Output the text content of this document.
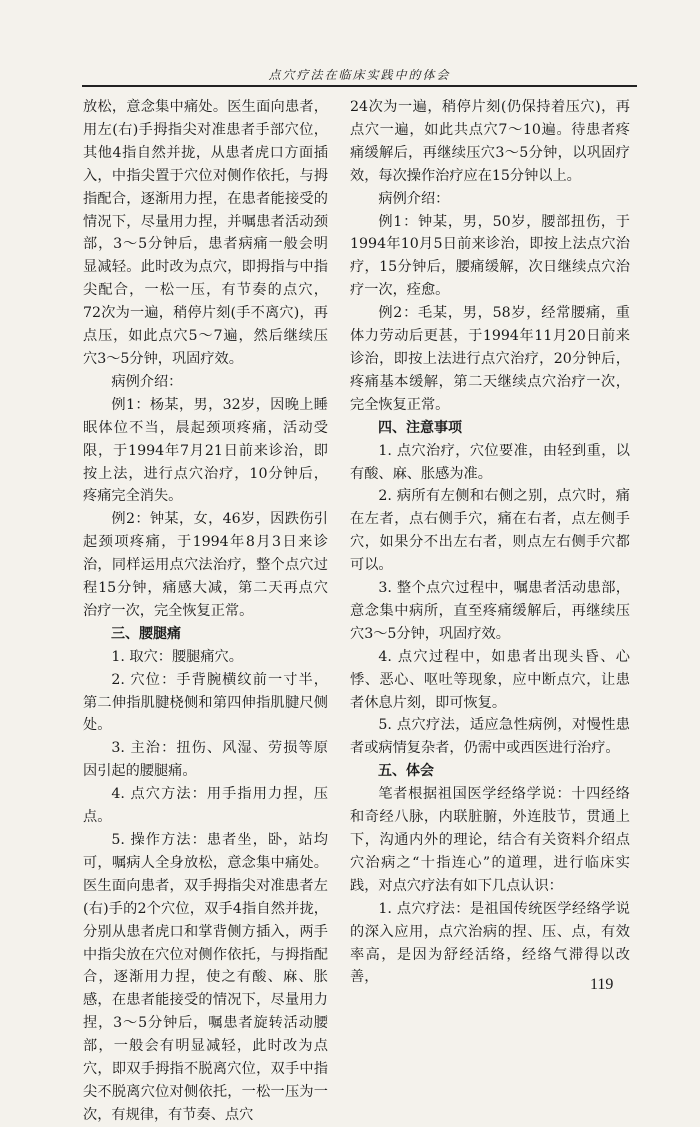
点穴疗法在临床实践中的体会

放松，意念集中痛处。医生面向患者，用左(右)手拇指尖对准患者手部穴位，其他4指自然并拢，从患者虎口方面插入，中指尖置于穴位对侧作依托，与拇指配合，逐渐用力捏，在患者能接受的情况下，尽量用力捏，并嘱患者活动颈部，3～5分钟后，患者病痛一般会明显减轻。此时改为点穴，即拇指与中指尖配合，一松一压，有节奏的点穴，72次为一遍，稍停片刻(手不离穴)，再点压，如此点穴5～7遍，然后继续压穴3～5分钟，巩固疗效。

病例介绍：

例1：杨某，男，32岁，因晚上睡眠体位不当，晨起颈项疼痛，活动受限，于1994年7月21日前来诊治，即按上法，进行点穴治疗，10分钟后，疼痛完全消失。

例2：钟某，女，46岁，因跌伤引起颈项疼痛，于1994年8月3日来诊治，同样运用点穴法治疗，整个点穴过程15分钟，痛感大减，第二天再点穴治疗一次，完全恢复正常。

三、腰腿痛

1. 取穴：腰腿痛穴。

2. 穴位：手背腕横纹前一寸半，第二伸指肌腱桡侧和第四伸指肌腱尺侧处。

3. 主治：扭伤、风湿、劳损等原因引起的腰腿痛。

4. 点穴方法：用手指用力捏，压点。

5. 操作方法：患者坐，卧，站均可，嘱病人全身放松，意念集中痛处。医生面向患者，双手拇指尖对准患者左(右)手的2个穴位，双手4指自然并拢，分别从患者虎口和掌背侧方插入，两手中指尖放在穴位对侧作依托，与拇指配合，逐渐用力捏，使之有酸、麻、胀感，在患者能接受的情况下，尽量用力捏，3～5分钟后，嘱患者旋转活动腰部，一般会有明显减轻，此时改为点穴，即双手拇指不脱离穴位，双手中指尖不脱离穴位对侧依托，一松一压为一次，有规律，有节奏、点穴

24次为一遍，稍停片刻(仍保持着压穴)，再点穴一遍，如此共点穴7～10遍。待患者疼痛缓解后，再继续压穴3～5分钟，以巩固疗效，每次操作治疗应在15分钟以上。

病例介绍：

例1：钟某，男，50岁，腰部扭伤，于1994年10月5日前来诊治，即按上法点穴治疗，15分钟后，腰痛缓解，次日继续点穴治疗一次，痊愈。

例2：毛某，男，58岁，经常腰痛，重体力劳动后更甚，于1994年11月20日前来诊治，即按上法进行点穴治疗，20分钟后，疼痛基本缓解，第二天继续点穴治疗一次，完全恢复正常。

四、注意事项

1. 点穴治疗，穴位要准，由轻到重，以有酸、麻、胀感为准。

2. 病所有左侧和右侧之别，点穴时，痛在左者，点右侧手穴，痛在右者，点左侧手穴，如果分不出左右者，则点左右侧手穴都可以。

3. 整个点穴过程中，嘱患者活动患部，意念集中病所，直至疼痛缓解后，再继续压穴3～5分钟，巩固疗效。

4. 点穴过程中，如患者出现头昏、心悸、恶心、呕吐等现象，应中断点穴，让患者休息片刻，即可恢复。

5. 点穴疗法，适应急性病例，对慢性患者或病情复杂者，仍需中或西医进行治疗。

五、体会

笔者根据祖国医学经络学说：十四经络和奇经八脉，内联脏腑，外连肢节，贯通上下，沟通内外的理论，结合有关资料介绍点穴治病之“十指连心”的道理，进行临床实践，对点穴疗法有如下几点认识：

1. 点穴疗法：是祖国传统医学经络学说的深入应用，点穴治病的捏、压、点，有效率高，是因为舒经活络，经络气滞得以改善，	119
